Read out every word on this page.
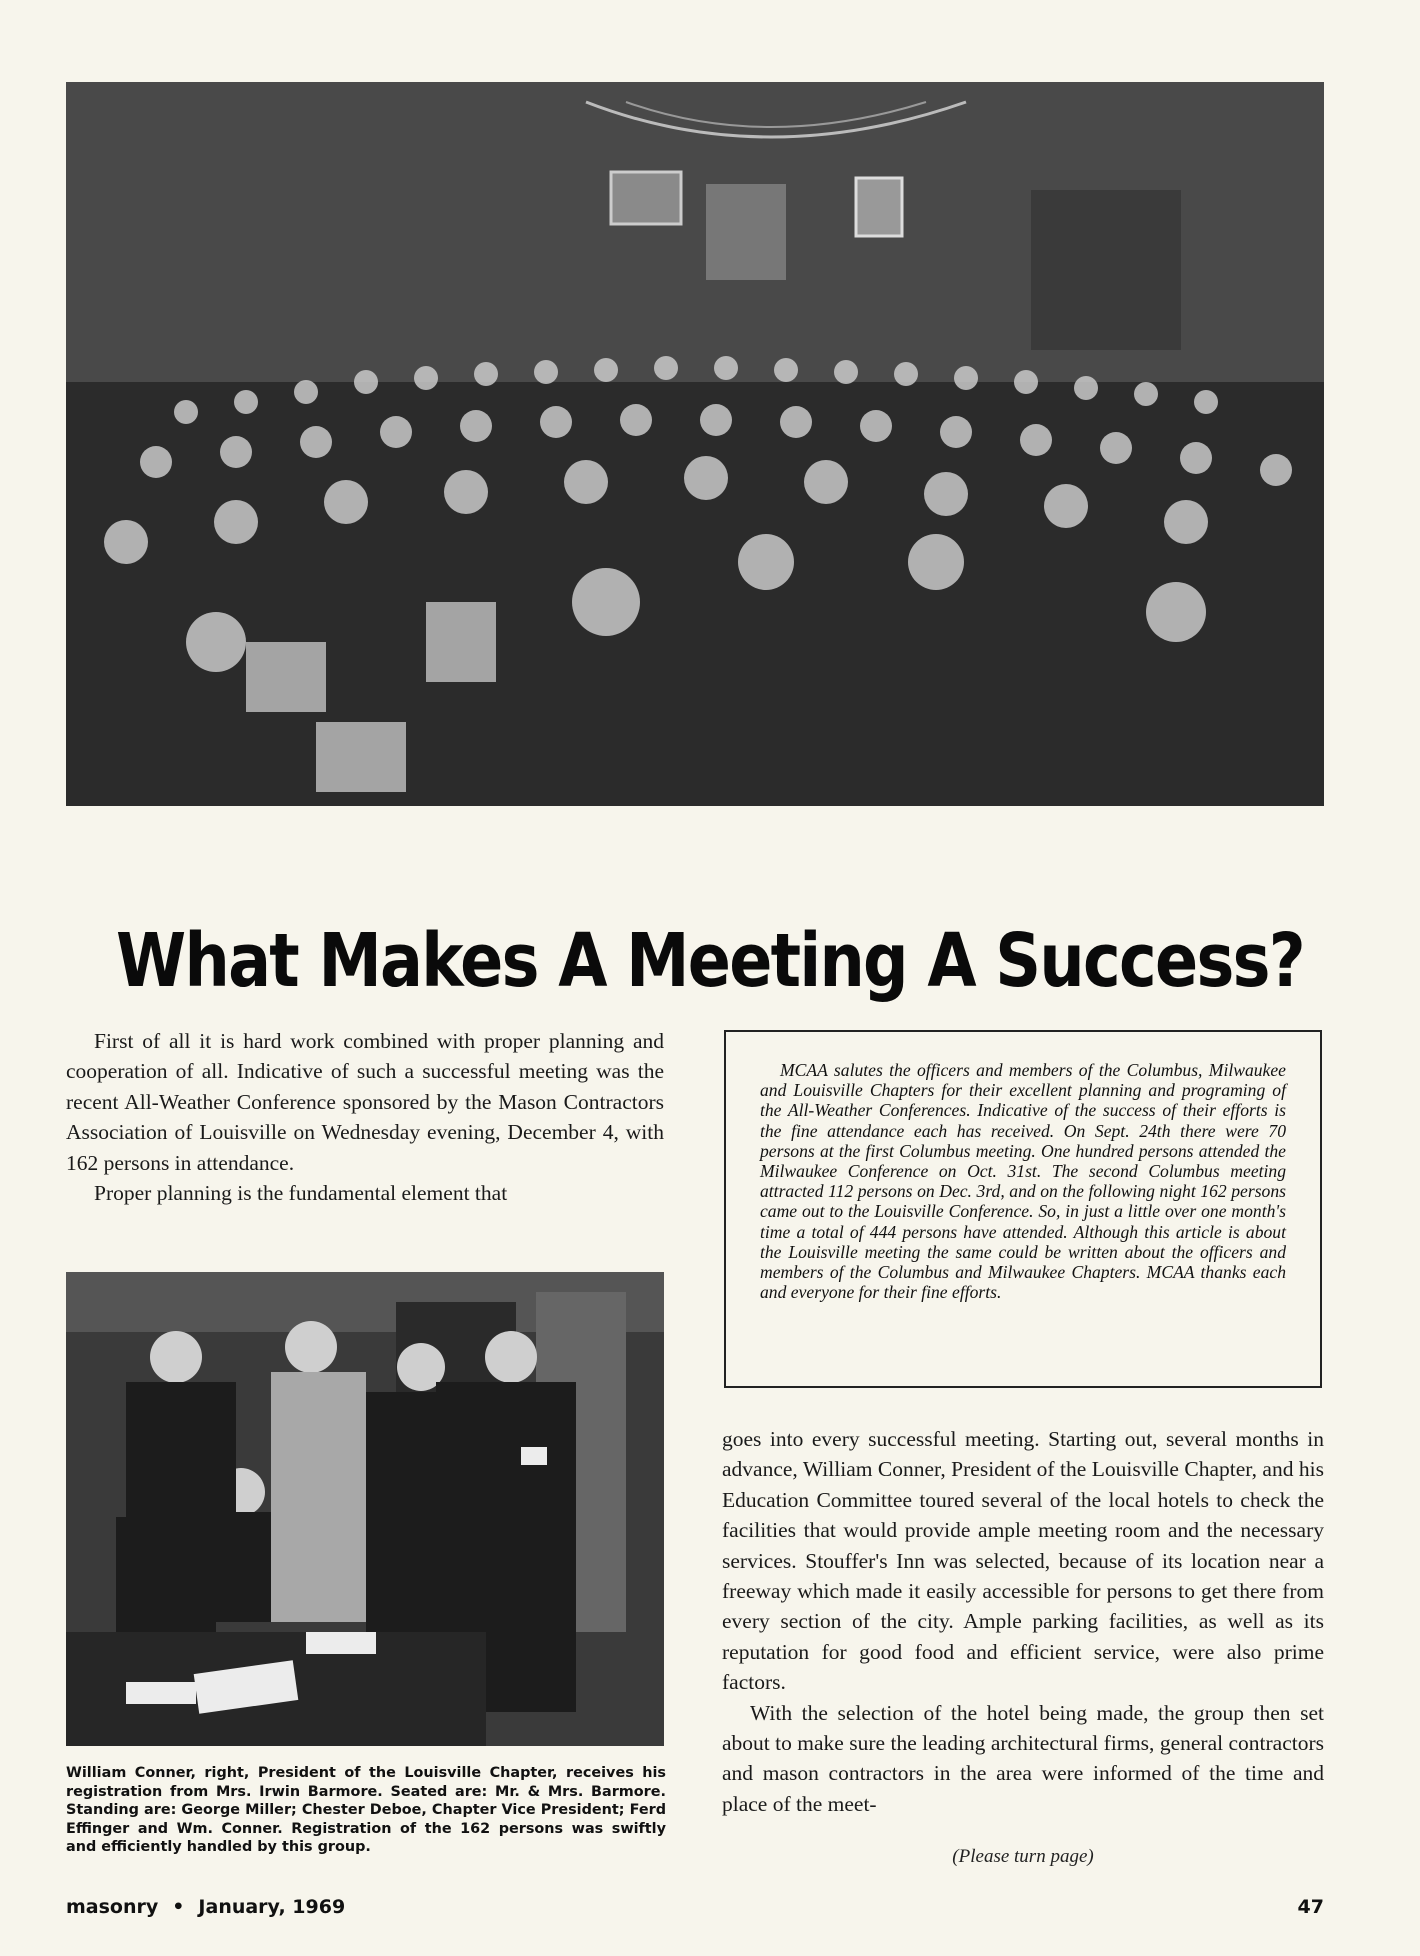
What Makes A Meeting A Success?

First of all it is hard work combined with proper planning and cooperation of all. Indicative of such a successful meeting was the recent All-Weather Conference sponsored by the Mason Contractors Association of Louisville on Wednesday evening, December 4, with 162 persons in attendance.

Proper planning is the fundamental element that

MCAA salutes the officers and members of the Columbus, Milwaukee and Louisville Chapters for their excellent planning and programing of the All-Weather Conferences. Indicative of the success of their efforts is the fine attendance each has received. On Sept. 24th there were 70 persons at the first Columbus meeting. One hundred persons attended the Milwaukee Conference on Oct. 31st. The second Columbus meeting attracted 112 persons on Dec. 3rd, and on the following night 162 persons came out to the Louisville Conference. So, in just a little over one month's time a total of 444 persons have attended. Although this article is about the Louisville meeting the same could be written about the officers and members of the Columbus and Milwaukee Chapters. MCAA thanks each and everyone for their fine efforts.

William Conner, right, President of the Louisville Chapter, receives his registration from Mrs. Irwin Barmore. Seated are: Mr. & Mrs. Barmore. Standing are: George Miller; Chester Deboe, Chapter Vice President; Ferd Effinger and Wm. Conner. Registration of the 162 persons was swiftly and efficiently handled by this group.

goes into every successful meeting. Starting out, several months in advance, William Conner, President of the Louisville Chapter, and his Education Committee toured several of the local hotels to check the facilities that would provide ample meeting room and the necessary services. Stouffer's Inn was selected, because of its location near a freeway which made it easily accessible for persons to get there from every section of the city. Ample parking facilities, as well as its reputation for good food and efficient service, were also prime factors.

With the selection of the hotel being made, the group then set about to make sure the leading architectural firms, general contractors and mason contractors in the area were informed of the time and place of the meet-

(Please turn page)
masonry • January, 1969	47
